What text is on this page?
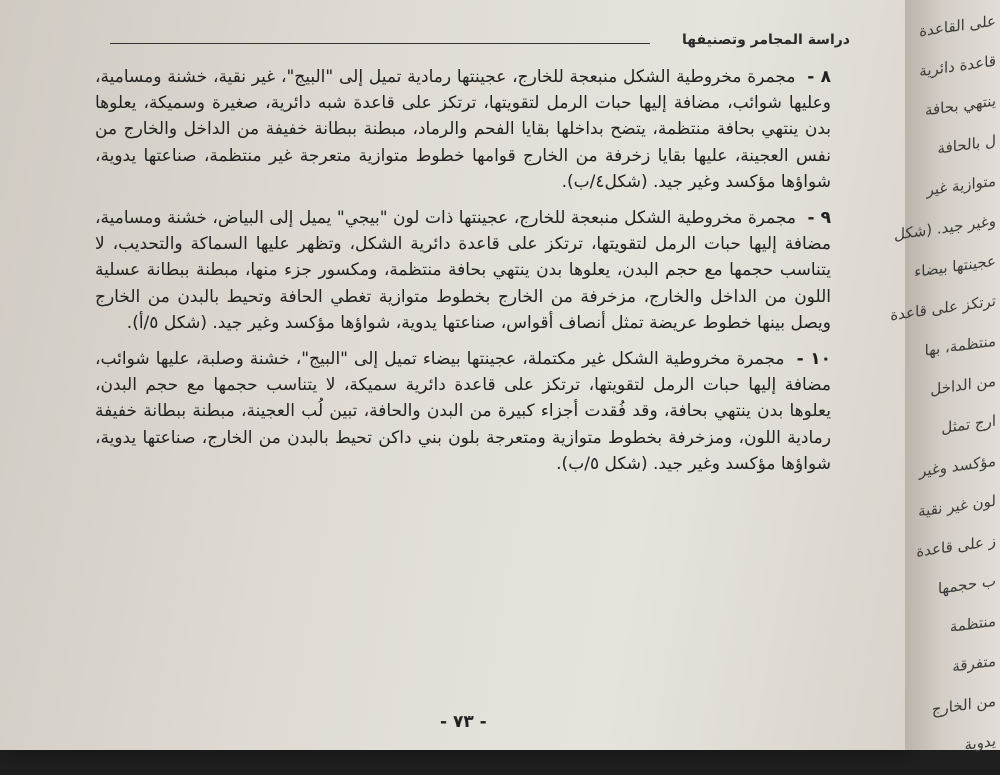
دراسة المجامر وتصنيفها

٨ - مجمرة مخروطية الشكل منبعجة للخارج، عجينتها رمادية تميل إلى "البيج"، غير نقية، خشنة ومسامية، وعليها شوائب، مضافة إليها حبات الرمل لتقويتها، ترتكز على قاعدة شبه دائرية، صغيرة وسميكة، يعلوها بدن ينتهي بحافة منتظمة، يتضح بداخلها بقايا الفحم والرماد، مبطنة ببطانة خفيفة من الداخل والخارج من نفس العجينة، عليها بقايا زخرفة من الخارج قوامها خطوط متوازية متعرجة غير منتظمة، صناعتها يدوية، شواؤها مؤكسد وغير جيد. (شكل٤/ب).

٩ - مجمرة مخروطية الشكل منبعجة للخارج، عجينتها ذات لون "بيجي" يميل إلى البياض، خشنة ومسامية، مضافة إليها حبات الرمل لتقويتها، ترتكز على قاعدة دائرية الشكل، وتظهر عليها السماكة والتحديب، لا يتناسب حجمها مع حجم البدن، يعلوها بدن ينتهي بحافة منتظمة، ومكسور جزء منها، مبطنة ببطانة عسلية اللون من الداخل والخارج، مزخرفة من الخارج بخطوط متوازية تغطي الحافة وتحيط بالبدن من الخارج ويصل بينها خطوط عريضة تمثل أنصاف أقواس، صناعتها يدوية، شواؤها مؤكسد وغير جيد. (شكل ٥/أ).

١٠ - مجمرة مخروطية الشكل غير مكتملة، عجينتها بيضاء تميل إلى "البيج"، خشنة وصلبة، عليها شوائب، مضافة إليها حبات الرمل لتقويتها، ترتكز على قاعدة دائرية سميكة، لا يتناسب حجمها مع حجم البدن، يعلوها بدن ينتهي بحافة، وقد فُقدت أجزاء كبيرة من البدن والحافة، تبين لُب العجينة، مبطنة ببطانة خفيفة رمادية اللون، ومزخرفة بخطوط متوازية ومتعرجة بلون بني داكن تحيط بالبدن من الخارج، صناعتها يدوية، شواؤها مؤكسد وغير جيد. (شكل ٥/ب).

- ٧٣ -
على القاعدة
قاعدة دائرية
ينتهي بحافة
ل بالحافة
متوازية غير
وغير جيد. (شكل
عجينتها بيضاء
ترتكز على قاعدة
منتظمة، بها
من الداخل
ارج تمثل
مؤكسد وغير
لون غير نقية
ز على قاعدة
ب حجمها
منتظمة
متفرقة
من الخارج
يدوية
